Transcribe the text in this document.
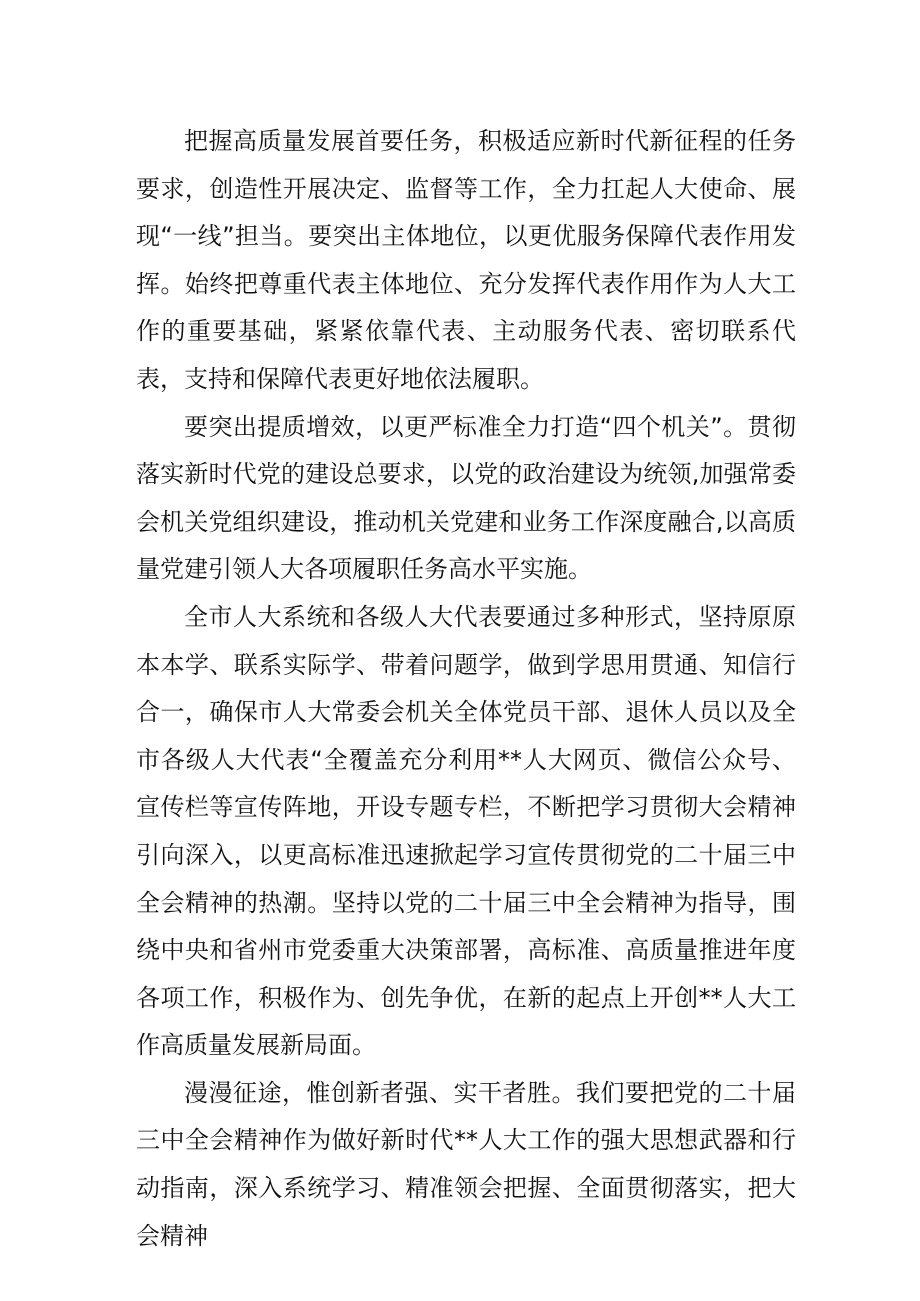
把握高质量发展首要任务，积极适应新时代新征程的任务要求，创造性开展决定、监督等工作，全力扛起人大使命、展现“一线”担当。要突出主体地位，以更优服务保障代表作用发挥。始终把尊重代表主体地位、充分发挥代表作用作为人大工作的重要基础，紧紧依靠代表、主动服务代表、密切联系代表，支持和保障代表更好地依法履职。

要突出提质增效，以更严标准全力打造“四个机关”。贯彻落实新时代党的建设总要求，以党的政治建设为统领,加强常委会机关党组织建设，推动机关党建和业务工作深度融合,以高质量党建引领人大各项履职任务高水平实施。

全市人大系统和各级人大代表要通过多种形式，坚持原原本本学、联系实际学、带着问题学，做到学思用贯通、知信行合一，确保市人大常委会机关全体党员干部、退休人员以及全市各级人大代表“全覆盖充分利用**人大网页、微信公众号、宣传栏等宣传阵地，开设专题专栏，不断把学习贯彻大会精神引向深入，以更高标准迅速掀起学习宣传贯彻党的二十届三中全会精神的热潮。坚持以党的二十届三中全会精神为指导，围绕中央和省州市党委重大决策部署，高标准、高质量推进年度各项工作，积极作为、创先争优，在新的起点上开创**人大工作高质量发展新局面。

漫漫征途，惟创新者强、实干者胜。我们要把党的二十届三中全会精神作为做好新时代**人大工作的强大思想武器和行动指南，深入系统学习、精准领会把握、全面贯彻落实，把大会精神
